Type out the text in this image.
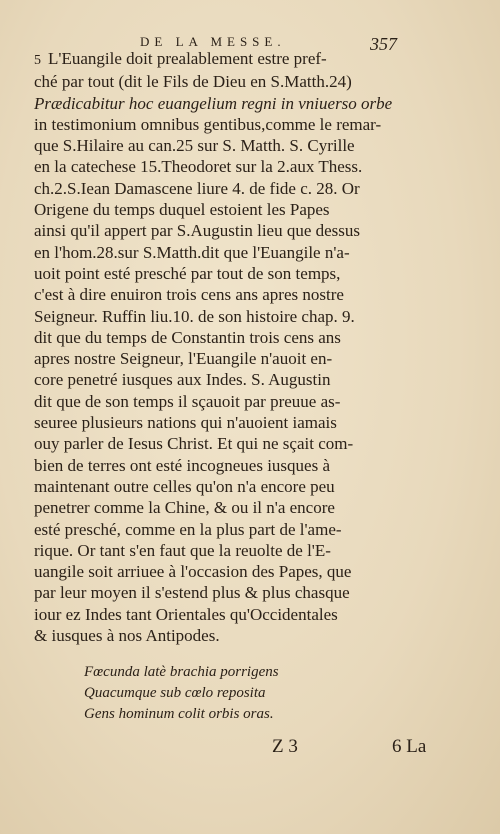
DE LA MESSE.	357
5 L'Euangile doit prealablement estre pref-
ché par tout (dit le Fils de Dieu en S.Matth.24)
Prædicabitur hoc euangelium regni in vniuerso orbe
in testimonium omnibus gentibus,comme le remar-
que S.Hilaire au can.25 sur S. Matth. S. Cyrille
en la catechese 15.Theodoret sur la 2.aux Thess.
ch.2.S.Iean Damascene liure 4. de fide c. 28. Or
Origene du temps duquel estoient les Papes
ainsi qu'il appert par S.Augustin lieu que dessus
en l'hom.28.sur S.Matth.dit que l'Euangile n'a-
uoit point esté presché par tout de son temps,
c'est à dire enuiron trois cens ans apres nostre
Seigneur. Ruffin liu.10. de son histoire chap. 9.
dit que du temps de Constantin trois cens ans
apres nostre Seigneur, l'Euangile n'auoit en-
core penetré iusques aux Indes. S. Augustin
dit que de son temps il sçauoit par preuue as-
seuree plusieurs nations qui n'auoient iamais
ouy parler de Iesus Christ. Et qui ne sçait com-
bien de terres ont esté incogneues iusques à
maintenant outre celles qu'on n'a encore peu
penetrer comme la Chine, & ou il n'a encore
esté presché, comme en la plus part de l'ame-
rique. Or tant s'en faut que la reuolte de l'E-
uangile soit arriuee à l'occasion des Papes, que
par leur moyen il s'estend plus & plus chasque
iour ez Indes tant Orientales qu'Occidentales
& iusques à nos Antipodes.
Fœcunda latè brachia porrigens
Quacumque sub cœlo reposita
Gens hominum colit orbis oras.
Z 3	6 La
